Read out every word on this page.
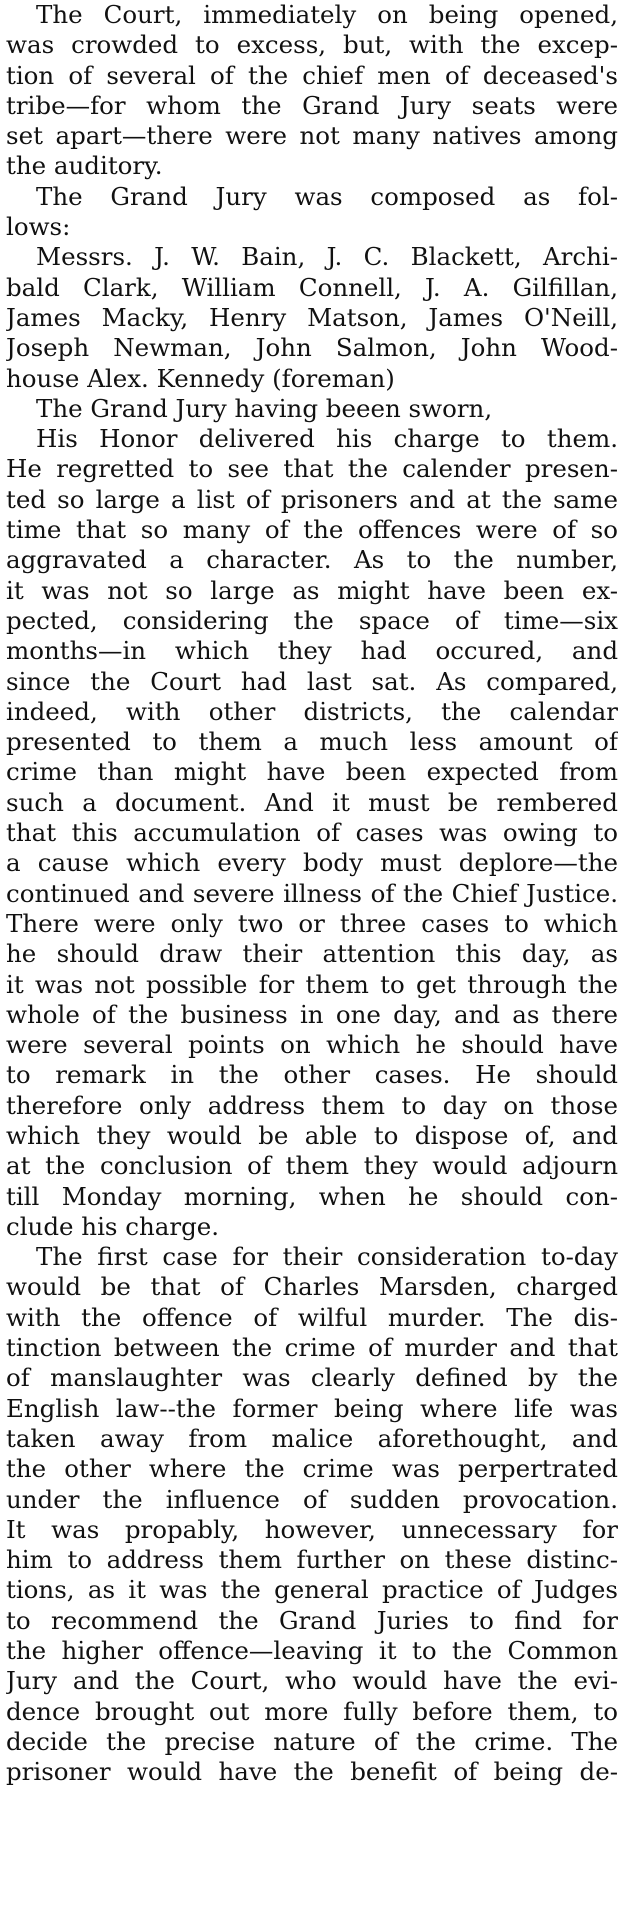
The Court, immediately on being opened,
was crowded to excess, but, with the excep-
tion of several of the chief men of deceased's
tribe—for whom the Grand Jury seats were
set apart—there were not many natives among
the auditory.
The Grand Jury was composed as fol-
lows:
Messrs. J. W. Bain, J. C. Blackett, Archi-
bald Clark, William Connell, J. A. Gilfillan,
James Macky, Henry Matson, James O'Neill,
Joseph Newman, John Salmon, John Wood-
house Alex. Kennedy (foreman)
The Grand Jury having beeen sworn,
His Honor delivered his charge to them.
He regretted to see that the calender presen-
ted so large a list of prisoners and at the same
time that so many of the offences were of so
aggravated a character. As to the number,
it was not so large as might have been ex-
pected, considering the space of time—six
months—in which they had occured, and
since the Court had last sat. As compared,
indeed, with other districts, the calendar
presented to them a much less amount of
crime than might have been expected from
such a document. And it must be rembered
that this accumulation of cases was owing to
a cause which every body must deplore—the
continued and severe illness of the Chief Justice.
There were only two or three cases to which
he should draw their attention this day, as
it was not possible for them to get through the
whole of the business in one day, and as there
were several points on which he should have
to remark in the other cases. He should
therefore only address them to day on those
which they would be able to dispose of, and
at the conclusion of them they would adjourn
till Monday morning, when he should con-
clude his charge.
The first case for their consideration to-day
would be that of Charles Marsden, charged
with the offence of wilful murder. The dis-
tinction between the crime of murder and that
of manslaughter was clearly defined by the
English law--the former being where life was
taken away from malice aforethought, and
the other where the crime was perpertrated
under the influence of sudden provocation.
It was propably, however, unnecessary for
him to address them further on these distinc-
tions, as it was the general practice of Judges
to recommend the Grand Juries to find for
the higher offence—leaving it to the Common
Jury and the Court, who would have the evi-
dence brought out more fully before them, to
decide the precise nature of the crime. The
prisoner would have the benefit of being de-
